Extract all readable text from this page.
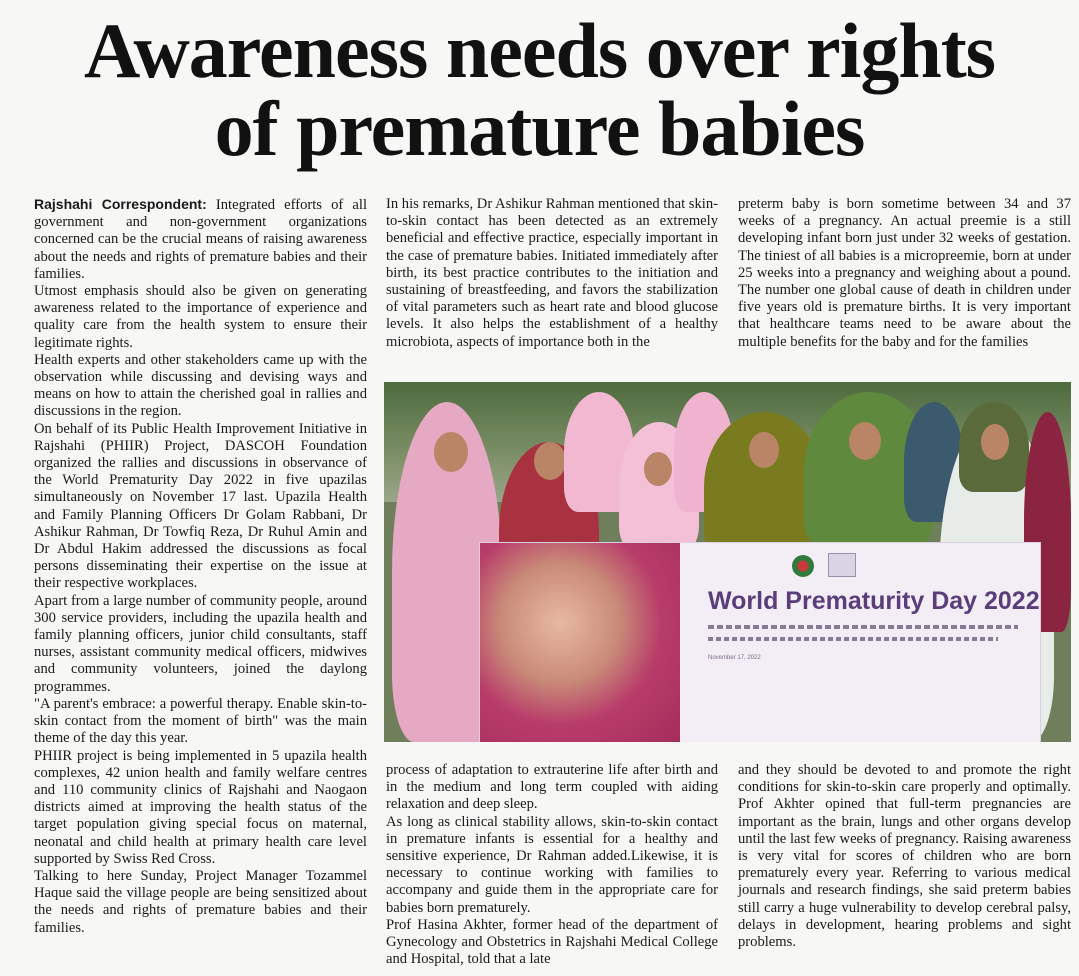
Awareness needs over rights
of premature babies

Rajshahi Correspondent: Integrated efforts of all government and non-government organizations concerned can be the crucial means of raising awareness about the needs and rights of premature babies and their families.

Utmost emphasis should also be given on generating awareness related to the importance of experience and quality care from the health system to ensure their legitimate rights.

Health experts and other stakeholders came up with the observation while discussing and devising ways and means on how to attain the cherished goal in rallies and discussions in the region.

On behalf of its Public Health Improvement Initiative in Rajshahi (PHIIR) Project, DASCOH Foundation organized the rallies and discussions in observance of the World Prematurity Day 2022 in five upazilas simultaneously on November 17 last. Upazila Health and Family Planning Officers Dr Golam Rabbani, Dr Ashikur Rahman, Dr Towfiq Reza, Dr Ruhul Amin and Dr Abdul Hakim addressed the discussions as focal persons disseminating their expertise on the issue at their respective workplaces.

Apart from a large number of community people, around 300 service providers, including the upazila health and family planning officers, junior child consultants, staff nurses, assistant community medical officers, midwives and community volunteers, joined the daylong programmes.

"A parent's embrace: a powerful therapy. Enable skin-to-skin contact from the moment of birth" was the main theme of the day this year.

PHIIR project is being implemented in 5 upazila health complexes, 42 union health and family welfare centres and 110 community clinics of Rajshahi and Naogaon districts aimed at improving the health status of the target population giving special focus on maternal, neonatal and child health at primary health care level supported by Swiss Red Cross.

Talking to here Sunday, Project Manager Tozammel Haque said the village people are being sensitized about the needs and rights of premature babies and their families.

In his remarks, Dr Ashikur Rahman mentioned that skin-to-skin contact has been detected as an extremely beneficial and effective practice, especially important in the case of premature babies. Initiated immediately after birth, its best practice contributes to the initiation and sustaining of breastfeeding, and favors the stabilization of vital parameters such as heart rate and blood glucose levels. It also helps the establishment of a healthy microbiota, aspects of importance both in the

preterm baby is born sometime between 34 and 37 weeks of a pregnancy. An actual preemie is a still developing infant born just under 32 weeks of gestation. The tiniest of all babies is a micropreemie, born at under 25 weeks into a pregnancy and weighing about a pound. The number one global cause of death in children under five years old is premature births. It is very important that healthcare teams need to be aware about the multiple benefits for the baby and for the families

World Prematurity Day 2022
November 17, 2022

process of adaptation to extrauterine life after birth and in the medium and long term coupled with aiding relaxation and deep sleep.

As long as clinical stability allows, skin-to-skin contact in premature infants is essential for a healthy and sensitive experience, Dr Rahman added.Likewise, it is necessary to continue working with families to accompany and guide them in the appropriate care for babies born prematurely.

Prof Hasina Akhter, former head of the department of Gynecology and Obstetrics in Rajshahi Medical College and Hospital, told that a late

and they should be devoted to and promote the right conditions for skin-to-skin care properly and optimally. Prof Akhter opined that full-term pregnancies are important as the brain, lungs and other organs develop until the last few weeks of pregnancy. Raising awareness is very vital for scores of children who are born prematurely every year. Referring to various medical journals and research findings, she said preterm babies still carry a huge vulnerability to develop cerebral palsy, delays in development, hearing problems and sight problems.
